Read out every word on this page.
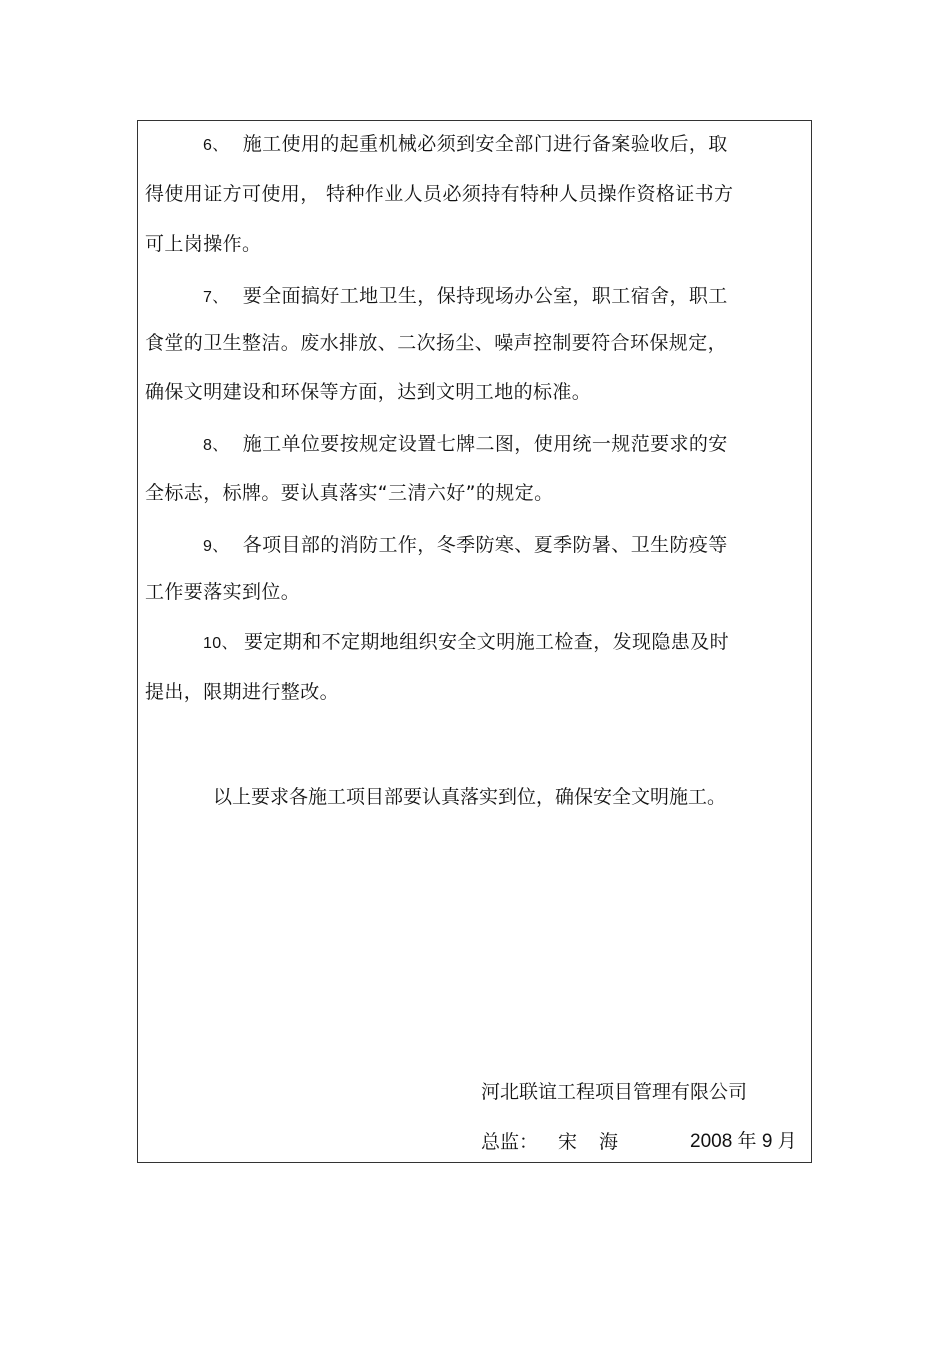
6、 施工使用的起重机械必须到安全部门进行备案验收后，取
得使用证方可使用， 特种作业人员必须持有特种人员操作资格证书方
可上岗操作。
7、 要全面搞好工地卫生，保持现场办公室，职工宿舍，职工
食堂的卫生整洁。废水排放、二次扬尘、噪声控制要符合环保规定，
确保文明建设和环保等方面，达到文明工地的标准。
8、 施工单位要按规定设置七牌二图，使用统一规范要求的安
全标志，标牌。要认真落实“三清六好”的规定。
9、 各项目部的消防工作，冬季防寒、夏季防暑、卫生防疫等
工作要落实到位。
10、 要定期和不定期地组织安全文明施工检查，发现隐患及时
提出，限期进行整改。
以上要求各施工项目部要认真落实到位，确保安全文明施工。
河北联谊工程项目管理有限公司
总监： 宋 海	2008 年 9 月
